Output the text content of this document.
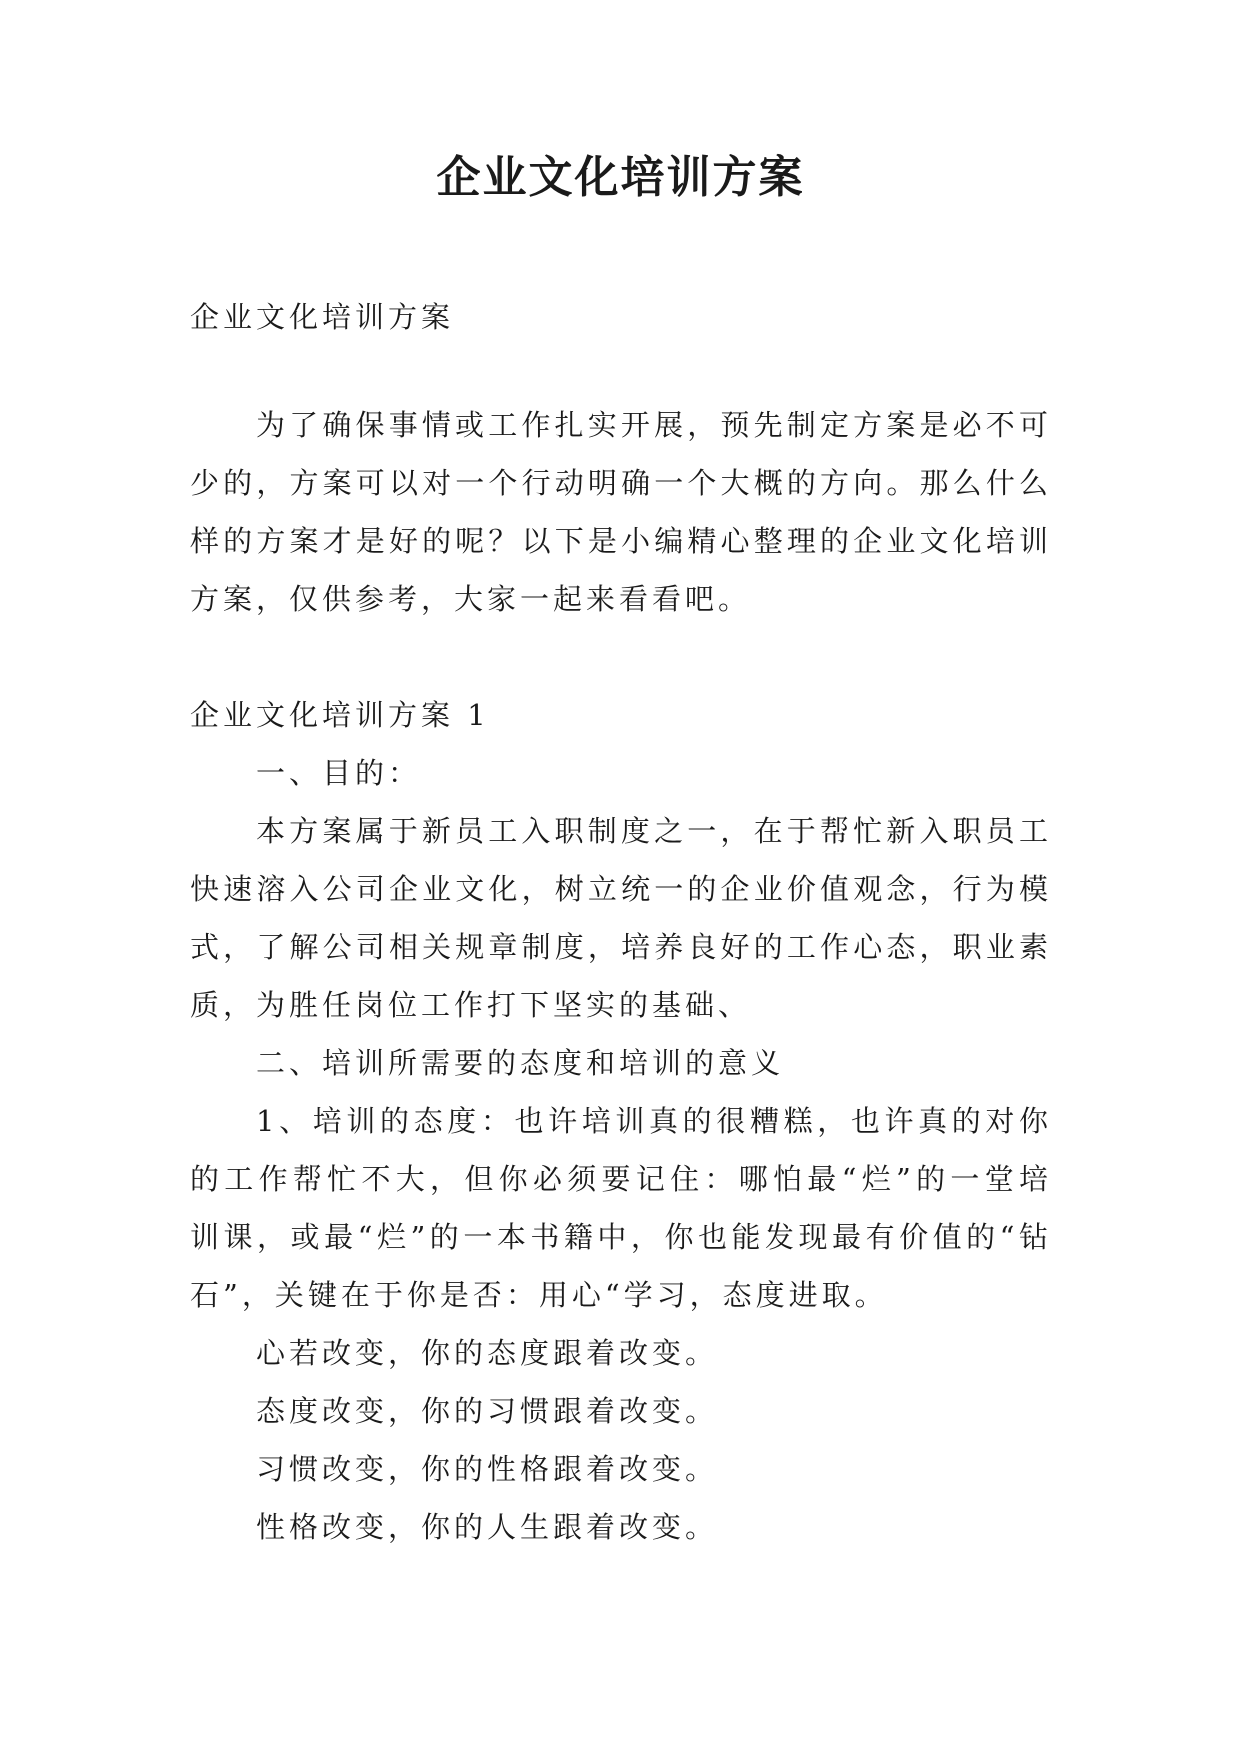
企业文化培训方案

企业文化培训方案

为了确保事情或工作扎实开展，预先制定方案是必不可少的，方案可以对一个行动明确一个大概的方向。那么什么样的方案才是好的呢？以下是小编精心整理的企业文化培训方案，仅供参考，大家一起来看看吧。

企业文化培训方案 1

一、目的：

本方案属于新员工入职制度之一，在于帮忙新入职员工快速溶入公司企业文化，树立统一的企业价值观念，行为模式，了解公司相关规章制度，培养良好的工作心态，职业素质，为胜任岗位工作打下坚实的基础、

二、培训所需要的态度和培训的意义

1、培训的态度：也许培训真的很糟糕，也许真的对你的工作帮忙不大，但你必须要记住：哪怕最“烂”的一堂培训课，或最“烂”的一本书籍中，你也能发现最有价值的“钻石”，关键在于你是否：用心“学习，态度进取。

心若改变，你的态度跟着改变。

态度改变，你的习惯跟着改变。

习惯改变，你的性格跟着改变。

性格改变，你的人生跟着改变。
